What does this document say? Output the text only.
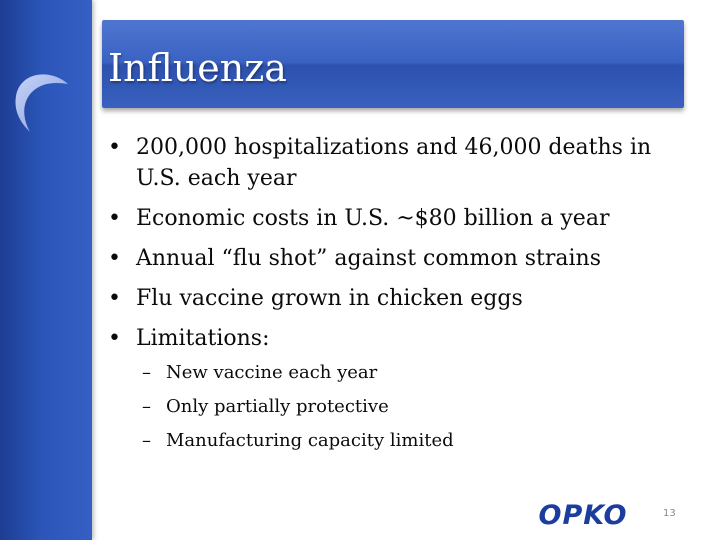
Influenza
• 200,000 hospitalizations and 46,000 deaths in U.S. each year
• Economic costs in U.S. ~$80 billion a year
• Annual “flu shot” against common strains
• Flu vaccine grown in chicken eggs
• Limitations:
– New vaccine each year
– Only partially protective
– Manufacturing capacity limited
OPKO	13
